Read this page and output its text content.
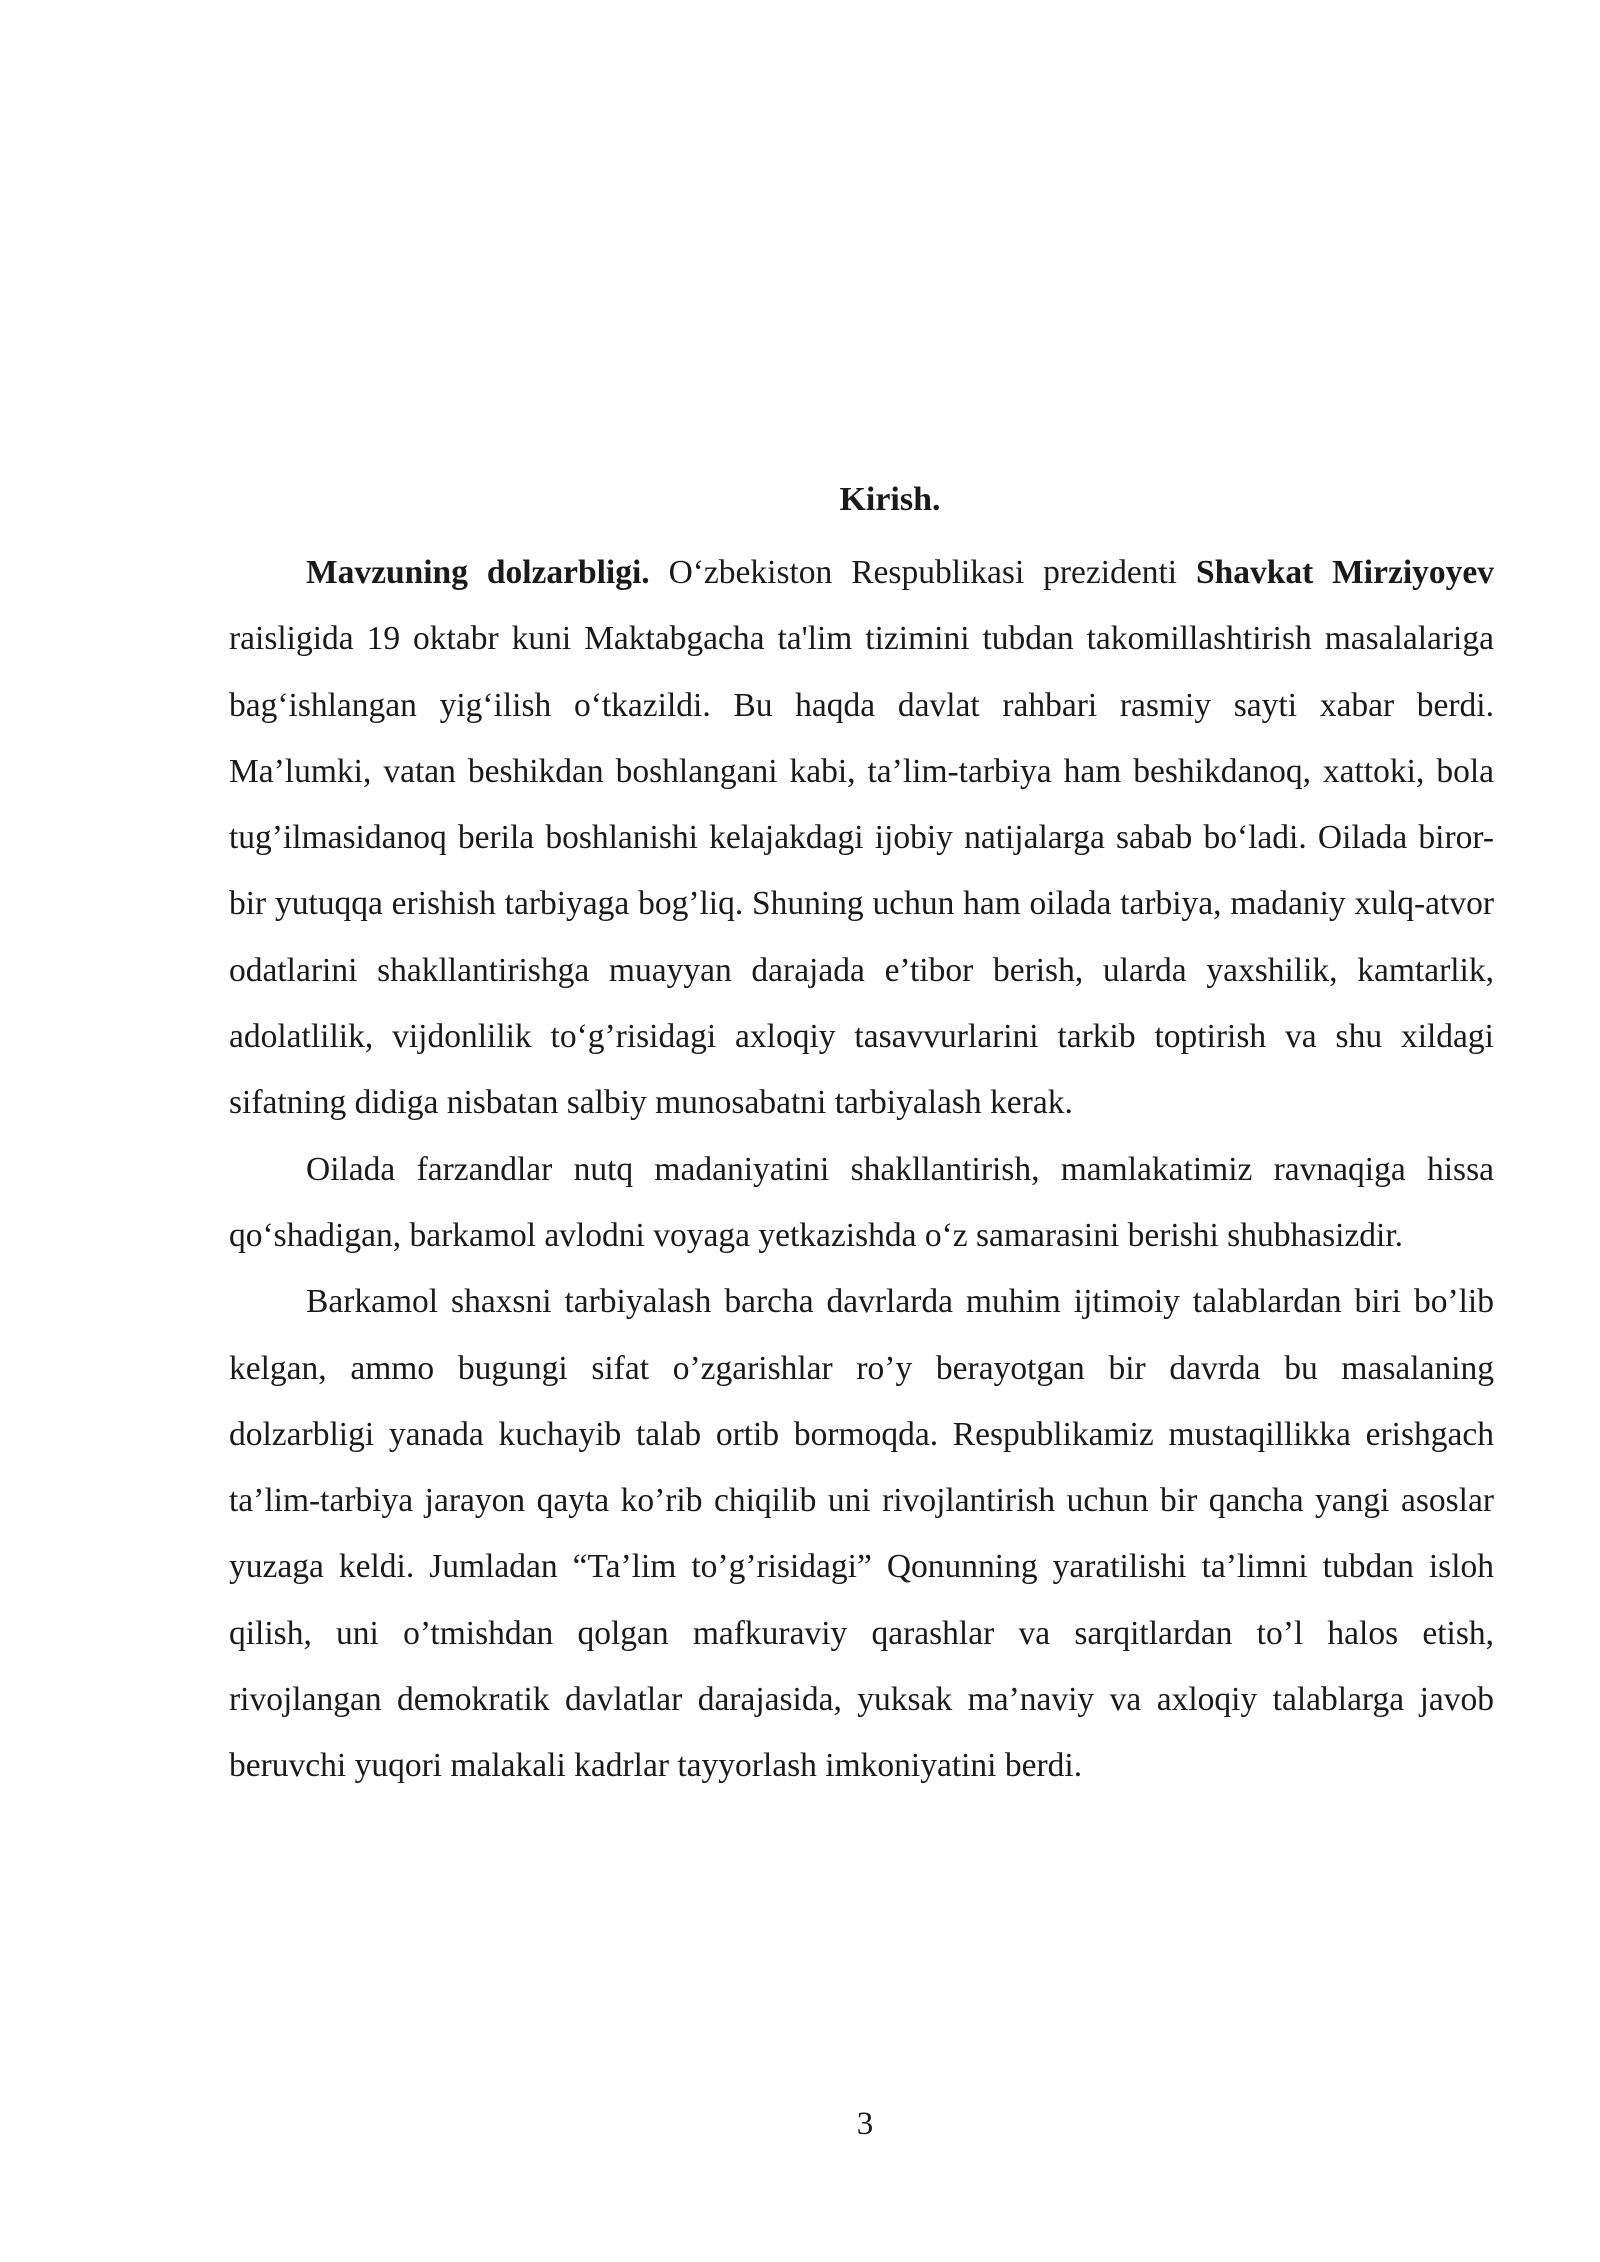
Kirish.

Mavzuning dolzarbligi. O‘zbekiston Respublikasi prezidenti Shavkat Mirziyoyev raisligida 19 oktabr kuni Maktabgacha ta'lim tizimini tubdan takomillashtirish masalalariga bag‘ishlangan yig‘ilish o‘tkazildi. Bu haqda davlat rahbari rasmiy sayti xabar berdi. Ma’lumki, vatan beshikdan boshlangani kabi, ta’lim-tarbiya ham beshikdanoq, xattoki, bola tug’ilmasidanoq berila boshlanishi kelajakdagi ijobiy natijalarga sabab bo‘ladi. Oilada biror-bir yutuqqa erishish tarbiyaga bog’liq. Shuning uchun ham oilada tarbiya, madaniy xulq-atvor odatlarini shakllantirishga muayyan darajada e’tibor berish, ularda yaxshilik, kamtarlik, adolatlilik, vijdonlilik to‘g’risidagi axloqiy tasavvurlarini tarkib toptirish va shu xildagi sifatning didiga nisbatan salbiy munosabatni tarbiyalash kerak.

Oilada farzandlar nutq madaniyatini shakllantirish, mamlakatimiz ravnaqiga hissa qo‘shadigan, barkamol avlodni voyaga yetkazishda o‘z samarasini berishi shubhasizdir.

Barkamol shaxsni tarbiyalash barcha davrlarda muhim ijtimoiy talablardan biri bo’lib kelgan, ammo bugungi sifat o’zgarishlar ro’y berayotgan bir davrda bu masalaning dolzarbligi yanada kuchayib talab ortib bormoqda. Respublikamiz mustaqillikka erishgach ta’lim-tarbiya jarayon qayta ko’rib chiqilib uni rivojlantirish uchun bir qancha yangi asoslar yuzaga keldi. Jumladan “Ta’lim to’g’risidagi” Qonunning yaratilishi ta’limni tubdan isloh qilish, uni o’tmishdan qolgan mafkuraviy qarashlar va sarqitlardan to’l halos etish, rivojlangan demokratik davlatlar darajasida, yuksak ma’naviy va axloqiy talablarga javob beruvchi yuqori malakali kadrlar tayyorlash imkoniyatini berdi.

3
